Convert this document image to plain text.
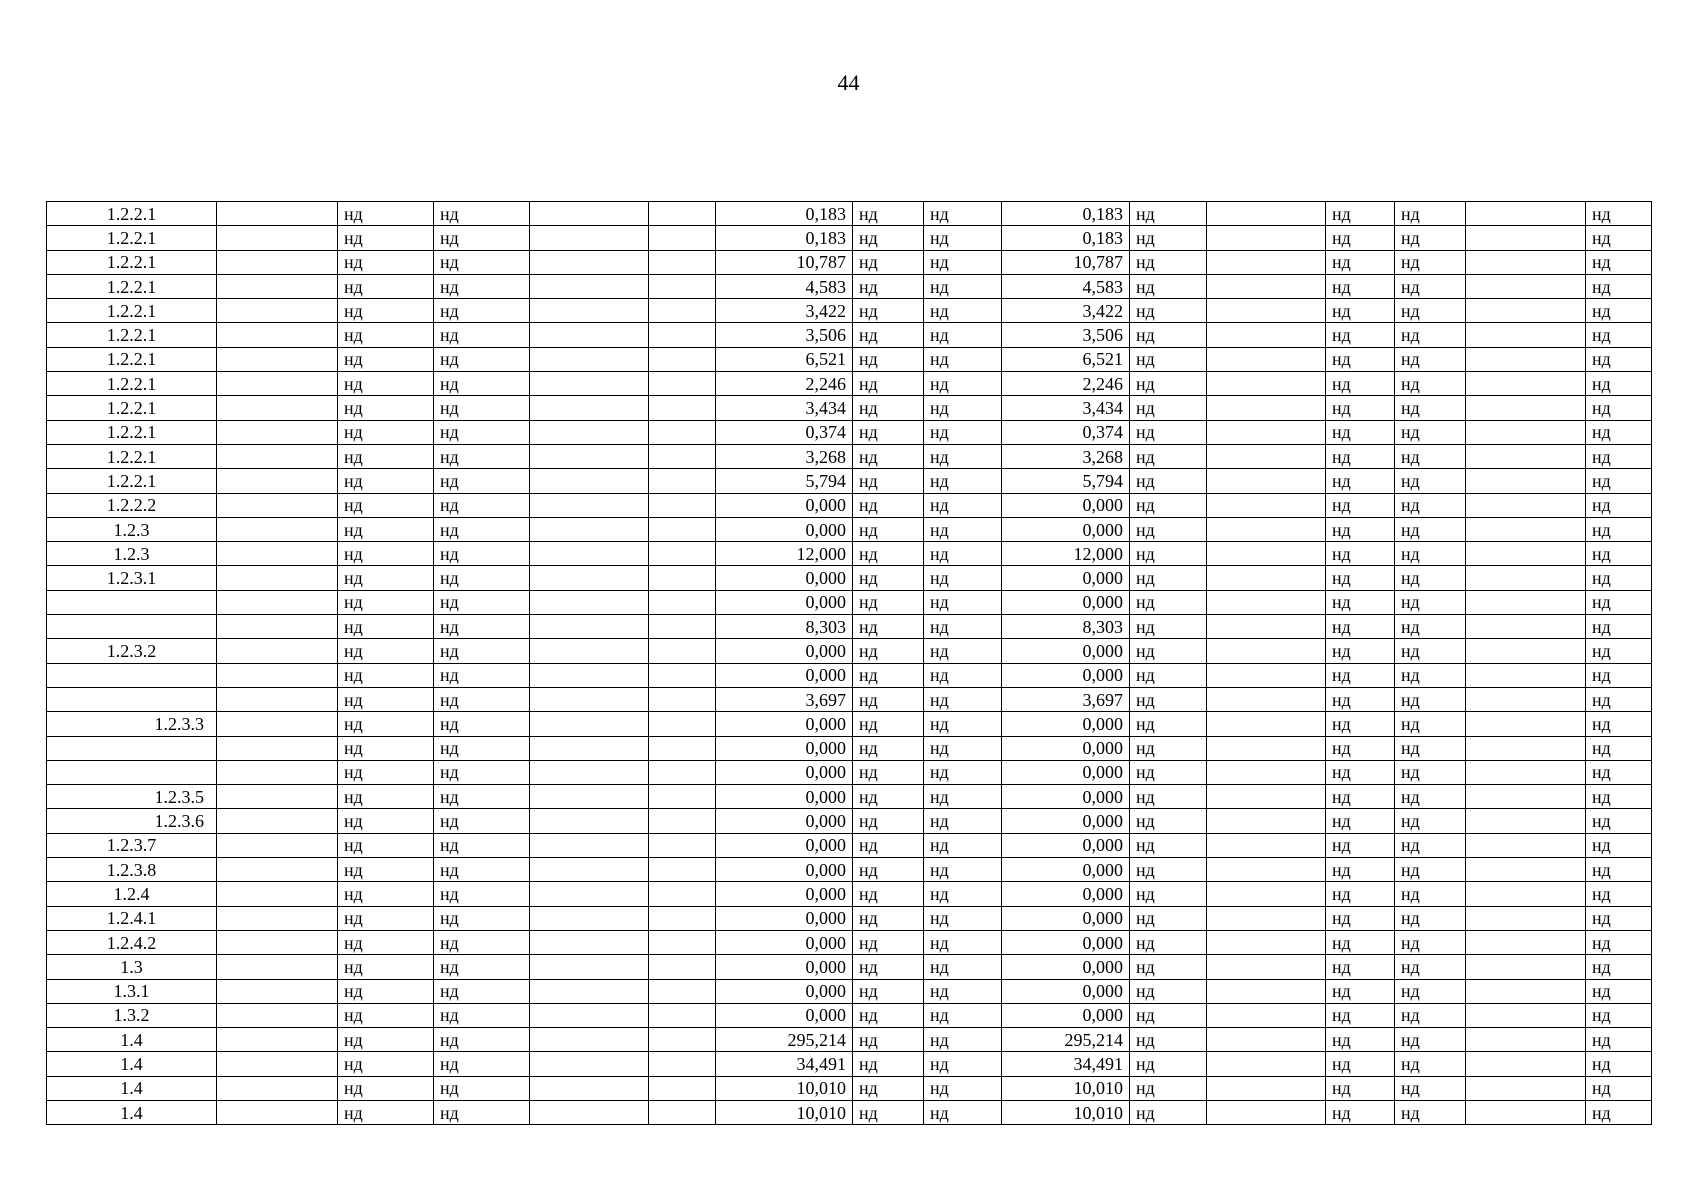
44
1.2.2.1		нд	нд			0,183	нд	нд	0,183	нд		нд	нд		нд
1.2.2.1		нд	нд			0,183	нд	нд	0,183	нд		нд	нд		нд
1.2.2.1		нд	нд			10,787	нд	нд	10,787	нд		нд	нд		нд
1.2.2.1		нд	нд			4,583	нд	нд	4,583	нд		нд	нд		нд
1.2.2.1		нд	нд			3,422	нд	нд	3,422	нд		нд	нд		нд
1.2.2.1		нд	нд			3,506	нд	нд	3,506	нд		нд	нд		нд
1.2.2.1		нд	нд			6,521	нд	нд	6,521	нд		нд	нд		нд
1.2.2.1		нд	нд			2,246	нд	нд	2,246	нд		нд	нд		нд
1.2.2.1		нд	нд			3,434	нд	нд	3,434	нд		нд	нд		нд
1.2.2.1		нд	нд			0,374	нд	нд	0,374	нд		нд	нд		нд
1.2.2.1		нд	нд			3,268	нд	нд	3,268	нд		нд	нд		нд
1.2.2.1		нд	нд			5,794	нд	нд	5,794	нд		нд	нд		нд
1.2.2.2		нд	нд			0,000	нд	нд	0,000	нд		нд	нд		нд
1.2.3		нд	нд			0,000	нд	нд	0,000	нд		нд	нд		нд
1.2.3		нд	нд			12,000	нд	нд	12,000	нд		нд	нд		нд
1.2.3.1		нд	нд			0,000	нд	нд	0,000	нд		нд	нд		нд
		нд	нд			0,000	нд	нд	0,000	нд		нд	нд		нд
		нд	нд			8,303	нд	нд	8,303	нд		нд	нд		нд
1.2.3.2		нд	нд			0,000	нд	нд	0,000	нд		нд	нд		нд
		нд	нд			0,000	нд	нд	0,000	нд		нд	нд		нд
		нд	нд			3,697	нд	нд	3,697	нд		нд	нд		нд
1.2.3.3		нд	нд			0,000	нд	нд	0,000	нд		нд	нд		нд
		нд	нд			0,000	нд	нд	0,000	нд		нд	нд		нд
		нд	нд			0,000	нд	нд	0,000	нд		нд	нд		нд
1.2.3.5		нд	нд			0,000	нд	нд	0,000	нд		нд	нд		нд
1.2.3.6		нд	нд			0,000	нд	нд	0,000	нд		нд	нд		нд
1.2.3.7		нд	нд			0,000	нд	нд	0,000	нд		нд	нд		нд
1.2.3.8		нд	нд			0,000	нд	нд	0,000	нд		нд	нд		нд
1.2.4		нд	нд			0,000	нд	нд	0,000	нд		нд	нд		нд
1.2.4.1		нд	нд			0,000	нд	нд	0,000	нд		нд	нд		нд
1.2.4.2		нд	нд			0,000	нд	нд	0,000	нд		нд	нд		нд
1.3		нд	нд			0,000	нд	нд	0,000	нд		нд	нд		нд
1.3.1		нд	нд			0,000	нд	нд	0,000	нд		нд	нд		нд
1.3.2		нд	нд			0,000	нд	нд	0,000	нд		нд	нд		нд
1.4		нд	нд			295,214	нд	нд	295,214	нд		нд	нд		нд
1.4		нд	нд			34,491	нд	нд	34,491	нд		нд	нд		нд
1.4		нд	нд			10,010	нд	нд	10,010	нд		нд	нд		нд
1.4		нд	нд			10,010	нд	нд	10,010	нд		нд	нд		нд
